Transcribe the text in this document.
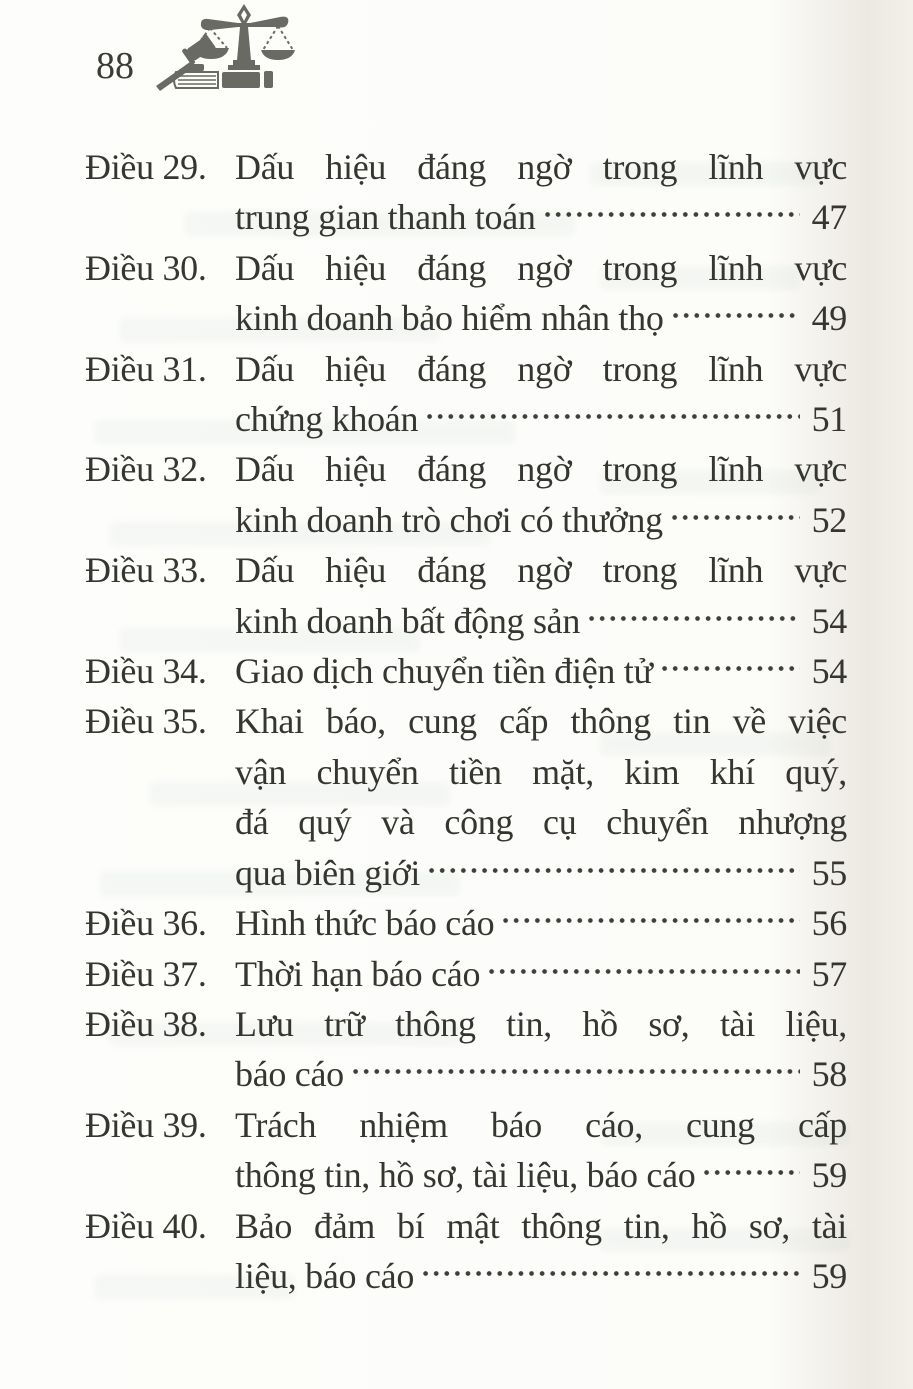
88
Điều 29. Dấu hiệu đáng ngờ trong lĩnh vực
trung gian thanh toán	47
Điều 30. Dấu hiệu đáng ngờ trong lĩnh vực
kinh doanh bảo hiểm nhân thọ	49
Điều 31. Dấu hiệu đáng ngờ trong lĩnh vực
chứng khoán	51
Điều 32. Dấu hiệu đáng ngờ trong lĩnh vực
kinh doanh trò chơi có thưởng	52
Điều 33. Dấu hiệu đáng ngờ trong lĩnh vực
kinh doanh bất động sản	54
Điều 34. Giao dịch chuyển tiền điện tử	54
Điều 35. Khai báo, cung cấp thông tin về việc
vận chuyển tiền mặt, kim khí quý,
đá quý và công cụ chuyển nhượng
qua biên giới	55
Điều 36. Hình thức báo cáo	56
Điều 37. Thời hạn báo cáo	57
Điều 38. Lưu trữ thông tin, hồ sơ, tài liệu,
báo cáo	58
Điều 39. Trách nhiệm báo cáo, cung cấp
thông tin, hồ sơ, tài liệu, báo cáo	59
Điều 40. Bảo đảm bí mật thông tin, hồ sơ, tài
liệu, báo cáo	59
